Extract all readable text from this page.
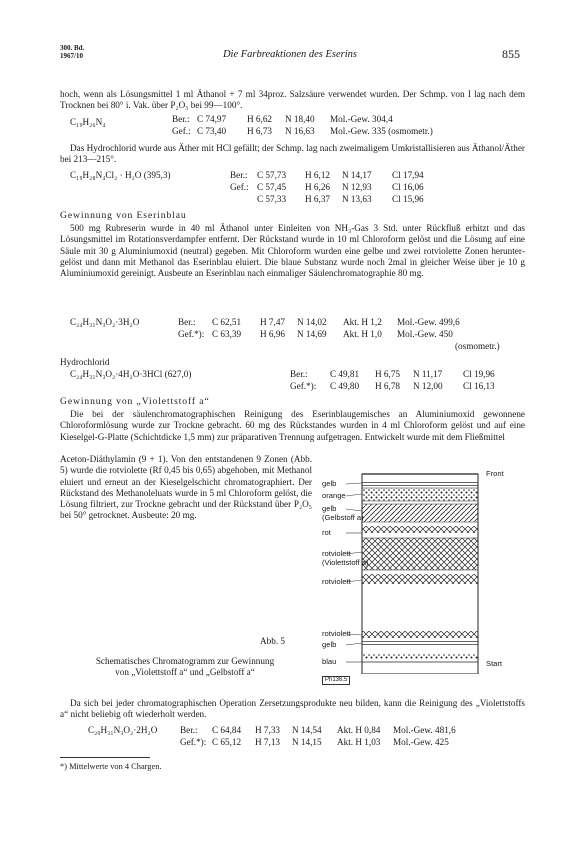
300. Bd.
1967/10	Die Farbreaktionen des Eserins	855
hoch, wenn als Lösungsmittel 1 ml Äthanol + 7 ml 34proz. Salzsäure verwendet wurden. Der Schmp. von I lag nach dem Trocknen bei 80° i. Vak. über P₂O₅ bei 99—100°.
C₁₉H₂₆N₄	Ber.: C 74,97 H 6,62 N 18,40 Mol.-Gew. 304,4
Gef.: C 73,40 H 6,73 N 16,63 Mol.-Gew. 335 (osmometr.)
Das Hydrochlorid wurde aus Äther mit HCl gefällt; der Schmp. lag nach zweimaligem Umkristallisieren aus Äthanol/Äther bei 213—215°.
C₁₉H₂₈N₄Cl₂ · H₂O (395,3)	Ber.: C 57,73 H 6,12 N 14,17 Cl 17,94
Gef.: C 57,45 H 6,26 N 12,93 Cl 16,06
C 57,33 H 6,37 N 13,63 Cl 15,96
Gewinnung von Eserinblau
500 mg Rubreserin wurde in 40 ml Äthanol unter Einleiten von NH₃-Gas 3 Std. unter Rückfluß erhitzt und das Lösungsmittel im Rotationsverdampfer entfernt. Der Rückstand wurde in 10 ml Chloroform gelöst und die Lösung auf eine Säule mit 30 g Aluminiumoxid (neutral) gegeben. Mit Chloroform wurden eine gelbe und zwei rotviolette Zonen heruntergelöst und dann mit Methanol das Eserinblau eluiert. Die blaue Substanz wurde noch 2mal in gleicher Weise über je 10 g Aluminiumoxid gereinigt. Ausbeute an Eserinblau nach einmaliger Säulenchromatographie 80 mg.
C₂₄H₃₁N₃O₂·3H₂O	Ber.: C 62,51 H 7,47 N 14,02 Akt. H 1,2 Mol.-Gew. 499,6
Gef.*): C 63,39 H 6,96 N 14,69 Akt. H 1,0 Mol.-Gew. 450
(osmometr.)
Hydrochlorid
C₂₄H₃₁N₃O₂·4H₂O·3HCl (627,0)	Ber.: C 49,81 H 6,75 N 11,17 Cl 19,96
Gef.*): C 49,80 H 6,78 N 12,00 Cl 16,13
Gewinnung von „Violettstoff a“
Die bei der säulenchromatographischen Reinigung des Eserinblaugemisches an Aluminiumoxid gewonnene Chloroformlösung wurde zur Trockne gebracht. 60 mg des Rückstandes wurden in 4 ml Chloroform gelöst und auf eine Kieselgel-G-Platte (Schichtdicke 1,5 mm) zur präparativen Trennung aufgetragen. Entwickelt wurde mit dem Fließmittel
Aceton-Diäthylamin (9 + 1). Von den entstandenen 9 Zonen (Abb. 5) wurde die rotviolette (Rf 0,45 bis 0,65) abgehoben, mit Methanol eluiert und erneut an der Kieselgelschicht chromatographiert. Der Rückstand des Methanoleluats wurde in 5 ml Chloroform gelöst, die Lösung filtriert, zur Trockne gebracht und der Rückstand über P₂O₅ bei 50° getrocknet. Ausbeute: 20 mg.
Front
Start
gelb
orange
gelb
(Gelbstoff a)
rot
rotviolett
(Violettstoff a)
rotviolett
rotviolett
gelb
blau
Ph136.5
Abb. 5
Schematisches Chromatogramm zur Gewinnung
von „Violettstoff a“ und „Gelbstoff a“
Da sich bei jeder chromatographischen Operation Zersetzungsprodukte neu bilden, kann die Reinigung des „Violettstoffs a“ nicht beliebig oft wiederholt werden.
C₂₀H₃₁N₃O₂·2H₂O Ber.: C 64,84 H 7,33 N 14,54 Akt. H 0,84 Mol.-Gew. 481,6
Gef.*): C 65,12 H 7,13 N 14,15 Akt. H 1,03 Mol.-Gew. 425
*) Mittelwerte von 4 Chargen.
